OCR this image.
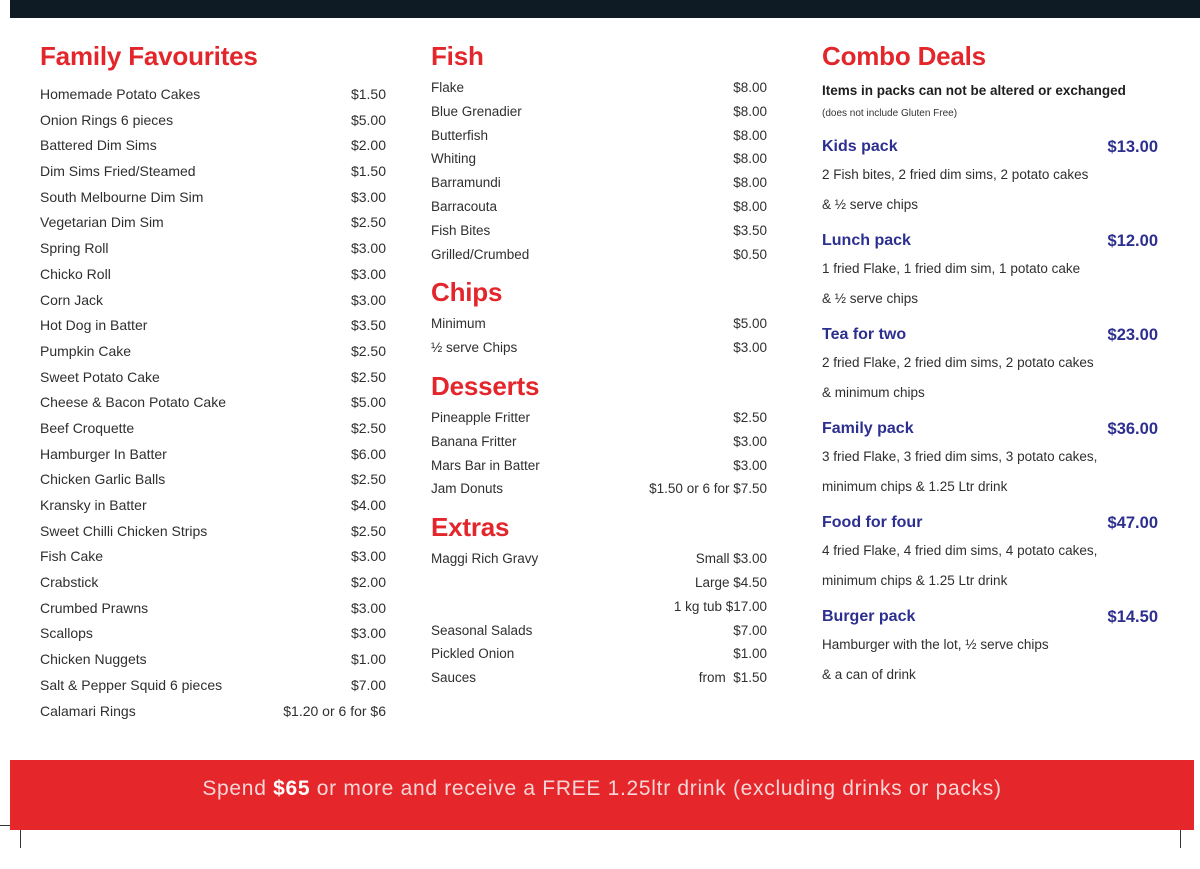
Family Favourites
Homemade Potato Cakes	$1.50
Onion Rings 6 pieces	$5.00
Battered Dim Sims	$2.00
Dim Sims Fried/Steamed	$1.50
South Melbourne Dim Sim	$3.00
Vegetarian Dim Sim	$2.50
Spring Roll	$3.00
Chicko Roll	$3.00
Corn Jack	$3.00
Hot Dog in Batter	$3.50
Pumpkin Cake	$2.50
Sweet Potato Cake	$2.50
Cheese & Bacon Potato Cake	$5.00
Beef Croquette	$2.50
Hamburger In Batter	$6.00
Chicken Garlic Balls	$2.50
Kransky in Batter	$4.00
Sweet Chilli Chicken Strips	$2.50
Fish Cake	$3.00
Crabstick	$2.00
Crumbed Prawns	$3.00
Scallops	$3.00
Chicken Nuggets	$1.00
Salt & Pepper Squid 6 pieces	$7.00
Calamari Rings	$1.20 or 6 for $6
Fish
Flake	$8.00
Blue Grenadier	$8.00
Butterfish	$8.00
Whiting	$8.00
Barramundi	$8.00
Barracouta	$8.00
Fish Bites	$3.50
Grilled/Crumbed	$0.50
Chips
Minimum	$5.00
½ serve Chips	$3.00
Desserts
Pineapple Fritter	$2.50
Banana Fritter	$3.00
Mars Bar in Batter	$3.00
Jam Donuts	$1.50 or 6 for $7.50
Extras
Maggi Rich Gravy	Small $3.00
Large $4.50
1 kg tub $17.00
Seasonal Salads	$7.00
Pickled Onion	$1.00
Sauces	from  $1.50
Combo Deals
Items in packs can not be altered or exchanged
(does not include Gluten Free)
Kids pack	$13.00
2 Fish bites, 2 fried dim sims, 2 potato cakes
& ½ serve chips
Lunch pack	$12.00
1 fried Flake, 1 fried dim sim, 1 potato cake
& ½ serve chips
Tea for two	$23.00
2 fried Flake, 2 fried dim sims, 2 potato cakes
& minimum chips
Family pack	$36.00
3 fried Flake, 3 fried dim sims, 3 potato cakes,
minimum chips & 1.25 Ltr drink
Food for four	$47.00
4 fried Flake, 4 fried dim sims, 4 potato cakes,
minimum chips & 1.25 Ltr drink
Burger pack	$14.50
Hamburger with the lot, ½ serve chips
& a can of drink
Spend $65 or more and receive a FREE 1.25ltr drink (excluding drinks or packs)
